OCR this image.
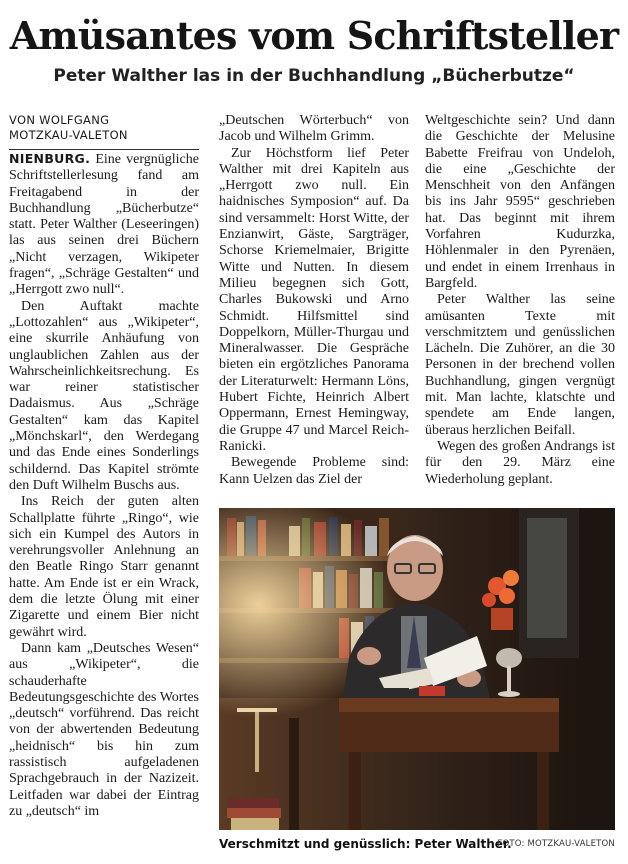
Amüsantes vom Schriftsteller
Peter Walther las in der Buchhandlung „Bücherbutze“
VON WOLFGANG
MOTZKAU-VALETON

NIENBURG. Eine vergnügliche Schriftstellerlesung fand am Freitagabend in der Buchhandlung „Bücherbutze“ statt. Peter Walther (Leseeringen) las aus seinen drei Büchern „Nicht verzagen, Wikipeter fragen“, „Schräge Gestalten“ und „Herrgott zwo null“.

Den Auftakt machte „Lottozahlen“ aus „Wikipeter“, eine skurrile Anhäufung von unglaublichen Zahlen aus der Wahrscheinlichkeitsrechung. Es war reiner statistischer Dadaismus. Aus „Schräge Gestalten“ kam das Kapitel „Mönchskarl“, den Werdegang und das Ende eines Sonderlings schildernd. Das Kapitel strömte den Duft Wilhelm Buschs aus.

Ins Reich der guten alten Schallplatte führte „Ringo“, wie sich ein Kumpel des Autors in verehrungsvoller Anlehnung an den Beatle Ringo Starr genannt hatte. Am Ende ist er ein Wrack, dem die letzte Ölung mit einer Zigarette und einem Bier nicht gewährt wird.

Dann kam „Deutsches Wesen“ aus „Wikipeter“, die schauderhafte Bedeutungsgeschichte des Wortes „deutsch“ vorführend. Das reicht von der abwertenden Bedeutung „heidnisch“ bis hin zum rassistisch aufgeladenen Sprachgebrauch in der Nazizeit. Leitfaden war dabei der Eintrag zu „deutsch“ im

„Deutschen Wörterbuch“ von Jacob und Wilhelm Grimm.

Zur Höchstform lief Peter Walther mit drei Kapiteln aus „Herrgott zwo null. Ein haidnisches Symposion“ auf. Da sind versammelt: Horst Witte, der Enzianwirt, Gäste, Sargträger, Schorse Kriemelmaier, Brigitte Witte und Nutten. In diesem Milieu begegnen sich Gott, Charles Bukowski und Arno Schmidt. Hilfsmittel sind Doppelkorn, Müller-Thurgau und Mineralwasser. Die Gespräche bieten ein ergötzliches Panorama der Literaturwelt: Hermann Löns, Hubert Fichte, Heinrich Albert Oppermann, Ernest Hemingway, die Gruppe 47 und Marcel Reich-Ranicki.

Bewegende Probleme sind: Kann Uelzen das Ziel der

Weltgeschichte sein? Und dann die Geschichte der Melusine Babette Freifrau von Undeloh, die eine „Geschichte der Menschheit von den Anfängen bis ins Jahr 9595“ geschrieben hat. Das beginnt mit ihrem Vorfahren Kudurzka, Höhlenmaler in den Pyrenäen, und endet in einem Irrenhaus in Bargfeld.

Peter Walther las seine amüsanten Texte mit verschmitztem und genüsslichen Lächeln. Die Zuhörer, an die 30 Personen in der brechend vollen Buchhandlung, gingen vergnügt mit. Man lachte, klatschte und spendete am Ende langen, überaus herzlichen Beifall.

Wegen des großen Andrangs ist für den 29. März eine Wiederholung geplant.

Verschmitzt und genüsslich: Peter Walther.
FOTO: MOTZKAU-VALETON
